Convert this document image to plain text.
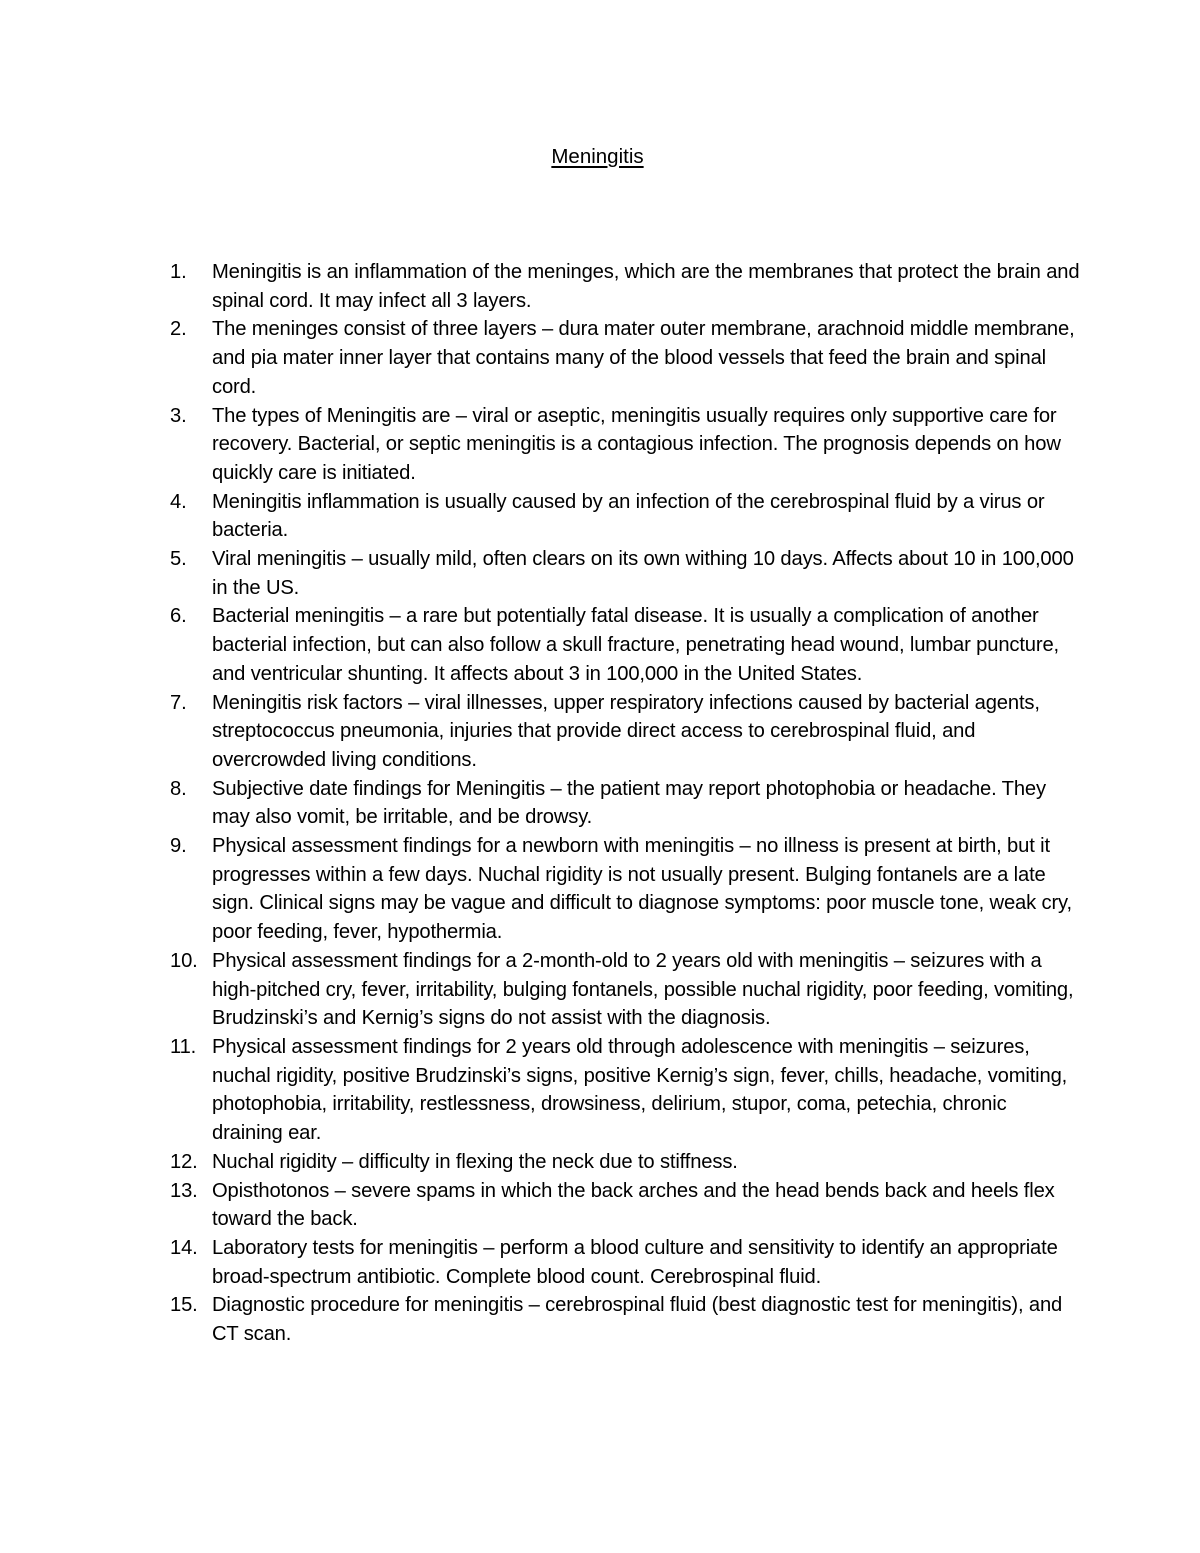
Meningitis
1.	Meningitis is an inflammation of the meninges, which are the membranes that protect the brain and spinal cord. It may infect all 3 layers.
2.	The meninges consist of three layers – dura mater outer membrane, arachnoid middle membrane, and pia mater inner layer that contains many of the blood vessels that feed the brain and spinal cord.
3.	The types of Meningitis are – viral or aseptic, meningitis usually requires only supportive care for recovery. Bacterial, or septic meningitis is a contagious infection. The prognosis depends on how quickly care is initiated.
4.	Meningitis inflammation is usually caused by an infection of the cerebrospinal fluid by a virus or bacteria.
5.	Viral meningitis – usually mild, often clears on its own withing 10 days. Affects about 10 in 100,000 in the US.
6.	Bacterial meningitis – a rare but potentially fatal disease. It is usually a complication of another bacterial infection, but can also follow a skull fracture, penetrating head wound, lumbar puncture, and ventricular shunting. It affects about 3 in 100,000 in the United States.
7.	Meningitis risk factors – viral illnesses, upper respiratory infections caused by bacterial agents, streptococcus pneumonia, injuries that provide direct access to cerebrospinal fluid, and overcrowded living conditions.
8.	Subjective date findings for Meningitis – the patient may report photophobia or headache. They may also vomit, be irritable, and be drowsy.
9.	Physical assessment findings for a newborn with meningitis – no illness is present at birth, but it progresses within a few days. Nuchal rigidity is not usually present. Bulging fontanels are a late sign. Clinical signs may be vague and difficult to diagnose symptoms: poor muscle tone, weak cry, poor feeding, fever, hypothermia.
10. Physical assessment findings for a 2-month-old to 2 years old with meningitis – seizures with a high-pitched cry, fever, irritability, bulging fontanels, possible nuchal rigidity, poor feeding, vomiting, Brudzinski’s and Kernig’s signs do not assist with the diagnosis.
11. Physical assessment findings for 2 years old through adolescence with meningitis – seizures, nuchal rigidity, positive Brudzinski’s signs, positive Kernig’s sign, fever, chills, headache, vomiting, photophobia, irritability, restlessness, drowsiness, delirium, stupor, coma, petechia, chronic draining ear.
12. Nuchal rigidity – difficulty in flexing the neck due to stiffness.
13. Opisthotonos – severe spams in which the back arches and the head bends back and heels flex toward the back.
14. Laboratory tests for meningitis – perform a blood culture and sensitivity to identify an appropriate broad-spectrum antibiotic. Complete blood count. Cerebrospinal fluid.
15. Diagnostic procedure for meningitis – cerebrospinal fluid (best diagnostic test for meningitis), and CT scan.
